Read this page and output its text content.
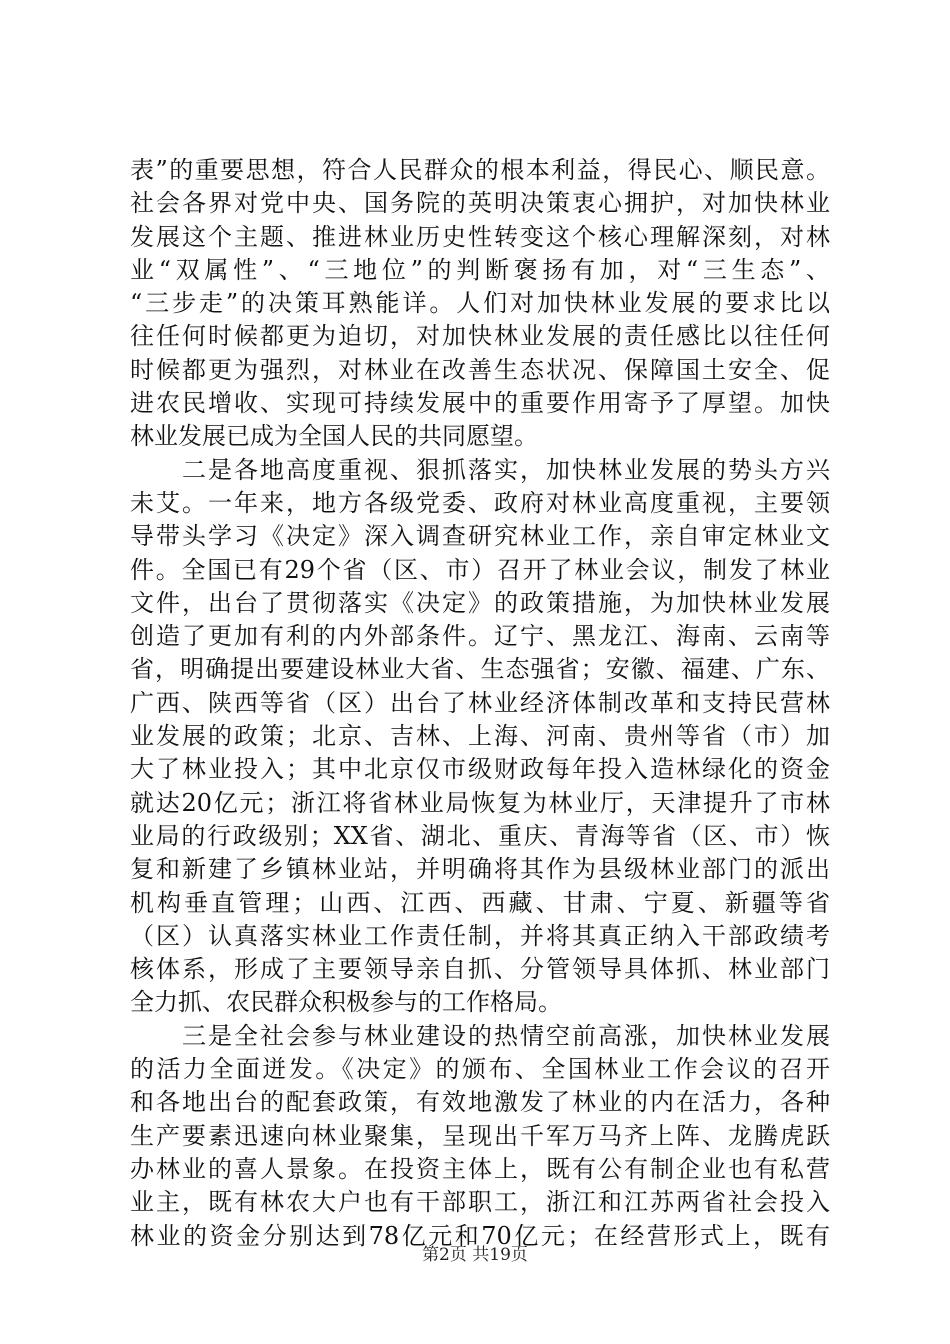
表”的重要思想，符合人民群众的根本利益，得民心、顺民意。
社会各界对党中央、国务院的英明决策衷心拥护，对加快林业
发展这个主题、推进林业历史性转变这个核心理解深刻，对林
业“双属性”、“三地位”的判断褒扬有加，对“三生态”、
“三步走”的决策耳熟能详。人们对加快林业发展的要求比以
往任何时候都更为迫切，对加快林业发展的责任感比以往任何
时候都更为强烈，对林业在改善生态状况、保障国土安全、促
进农民增收、实现可持续发展中的重要作用寄予了厚望。加快
林业发展已成为全国人民的共同愿望。
　　二是各地高度重视、狠抓落实，加快林业发展的势头方兴
未艾。一年来，地方各级党委、政府对林业高度重视，主要领
导带头学习《决定》深入调查研究林业工作，亲自审定林业文
件。全国已有29个省（区、市）召开了林业会议，制发了林业
文件，出台了贯彻落实《决定》的政策措施，为加快林业发展
创造了更加有利的内外部条件。辽宁、黑龙江、海南、云南等
省，明确提出要建设林业大省、生态强省；安徽、福建、广东、
广西、陕西等省（区）出台了林业经济体制改革和支持民营林
业发展的政策；北京、吉林、上海、河南、贵州等省（市）加
大了林业投入；其中北京仅市级财政每年投入造林绿化的资金
就达20亿元；浙江将省林业局恢复为林业厅，天津提升了市林
业局的行政级别；XX省、湖北、重庆、青海等省（区、市）恢
复和新建了乡镇林业站，并明确将其作为县级林业部门的派出
机构垂直管理；山西、江西、西藏、甘肃、宁夏、新疆等省
（区）认真落实林业工作责任制，并将其真正纳入干部政绩考
核体系，形成了主要领导亲自抓、分管领导具体抓、林业部门
全力抓、农民群众积极参与的工作格局。
　　三是全社会参与林业建设的热情空前高涨，加快林业发展
的活力全面迸发。《决定》的颁布、全国林业工作会议的召开
和各地出台的配套政策，有效地激发了林业的内在活力，各种
生产要素迅速向林业聚集，呈现出千军万马齐上阵、龙腾虎跃
办林业的喜人景象。在投资主体上，既有公有制企业也有私营
业主，既有林农大户也有干部职工，浙江和江苏两省社会投入
林业的资金分别达到78亿元和70亿元；在经营形式上，既有
第2页 共19页
